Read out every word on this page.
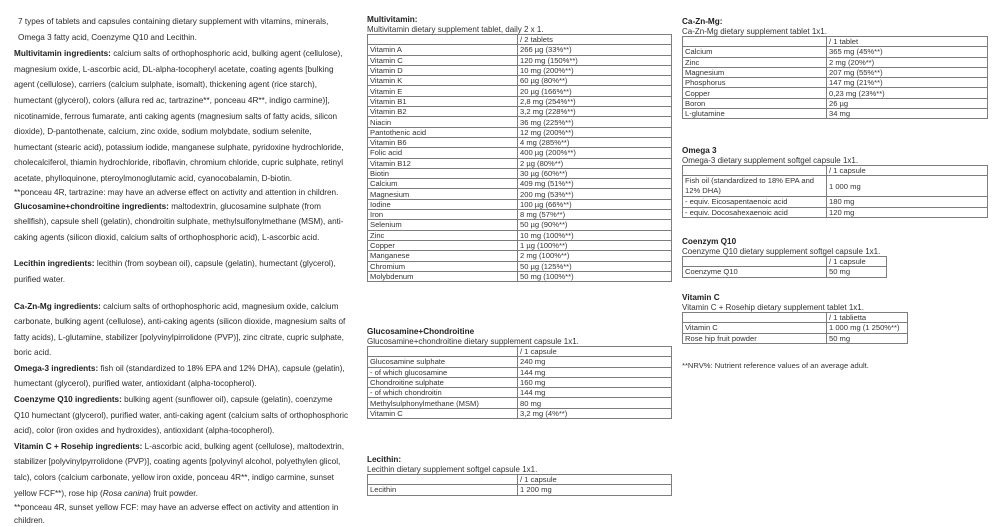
7 types of tablets and capsules containing dietary supplement with vitamins, minerals,
Omega 3 fatty acid, Coenzyme Q10 and Lecithin.

Multivitamin ingredients: calcium salts of orthophosphoric acid, bulking agent (cellulose), magnesium oxide, L-ascorbic acid, DL-alpha-tocopheryl acetate, coating agents [bulking agent (cellulose), carriers (calcium sulphate, isomalt), thickening agent (rice starch), humectant (glycerol), colors (allura red ac, tartrazine**, ponceau 4R**, indigo carmine)], nicotinamide, ferrous fumarate, anti caking agents (magnesium salts of fatty acids, silicon dioxide), D-pantothenate, calcium, zinc oxide, sodium molybdate, sodium selenite, humectant (stearic acid), potassium iodide, manganese sulphate, pyridoxine hydrochloride, cholecalciferol, thiamin hydrochloride, riboflavin, chromium chloride, cupric sulphate, retinyl acetate, phylloquinone, pteroylmonoglutamic acid, cyanocobalamin, D-biotin.

**ponceau 4R, tartrazine: may have an adverse effect on activity and attention in children.

Glucosamine+chondroitine ingredients: maltodextrin, glucosamine sulphate (from shellfish), capsule shell (gelatin), chondroitin sulphate, methylsulfonylmethane (MSM), anti-caking agents (silicon dioxid, calcium salts of orthophosphoric acid), L-ascorbic acid.

Lecithin ingredients: lecithin (from soybean oil), capsule (gelatin), humectant (glycerol), purified water.

Ca-Zn-Mg ingredients: calcium salts of orthophosphoric acid, magnesium oxide, calcium carbonate, bulking agent (cellulose), anti-caking agents (silicon dioxide, magnesium salts of fatty acids), L-glutamine, stabilizer [polyvinylpirrolidone (PVP)], zinc citrate, cupric sulphate, boric acid.

Omega-3 ingredients: fish oil (standardized to 18% EPA and 12% DHA), capsule (gelatin), humectant (glycerol), purified water, antioxidant (alpha-tocopherol).

Coenzyme Q10 ingredients: bulking agent (sunflower oil), capsule (gelatin), coenzyme Q10 humectant (glycerol), purified water, anti-caking agent (calcium salts of orthophosphoric acid), color (iron oxides and hydroxides), antioxidant (alpha-tocopherol).

Vitamin C + Rosehip ingredients: L-ascorbic acid, bulking agent (cellulose), maltodextrin, stabilizer [polyvinylpyrrolidone (PVP)], coating agents [polyvinyl alcohol, polyethylen glicol, talc), colors (calcium carbonate, yellow iron oxide, ponceau 4R**, indigo carmine, sunset yellow FCF**), rose hip (Rosa canina) fruit powder.

**ponceau 4R, sunset yellow FCF: may have an adverse effect on activity and attention in children.

Multivitamin:
Multivitamin dietary supplement tablet, daily 2 x 1.
	/ 2 tablets
Vitamin A	266 µg (33%**)
Vitamin C	120 mg (150%**)
Vitamin D	10 mg (200%**)
Vitamin K	60 µg (80%**)
Vitamin E	20 µg (166%**)
Vitamin B1	2,8 mg (254%**)
Vitamin B2	3,2 mg (228%**)
Niacin	36 mg (225%**)
Pantothenic acid	12 mg (200%**)
Vitamin B6	4 mg (285%**)
Folic acid	400 µg (200%**)
Vitamin B12	2 µg (80%**)
Biotin	30 µg (60%**)
Calcium	409 mg (51%**)
Magnesium	200 mg (53%**)
Iodine	100 µg (66%**)
Iron	8 mg (57%**)
Selenium	50 µg (90%**)
Zinc	10 mg (100%**)
Copper	1 µg (100%**)
Manganese	2 mg (100%**)
Chromium	50 µg (125%**)
Molybdenum	50 mg (100%**)
Glucosamine+Chondroitine
Glucosamine+chondroitine dietary supplement capsule 1x1.
	/ 1 capsule
Glucosamine sulphate	240 mg
- of which glucosamine	144 mg
Chondroitine sulphate	160 mg
- of which chondroitin	144 mg
Methylsulphonylmethane (MSM)	80 mg
Vitamin C	3,2 mg (4%**)
Lecithin:
Lecithin dietary supplement softgel capsule 1x1.
	/ 1 capsule
Lecithin	1 200 mg
Ca-Zn-Mg:
Ca-Zn-Mg dietary supplement tablet 1x1.
	/ 1 tablet
Calcium	365 mg (45%**)
Zinc	2 mg (20%**)
Magnesium	207 mg (55%**)
Phosphorus	147 mg (21%**)
Copper	0,23 mg (23%**)
Boron	26 µg
L-glutamine	34 mg
Omega 3
Omega-3 dietary supplement softgel capsule 1x1.
	/ 1 capsule
Fish oil (standardized to 18% EPA and 12% DHA)	1 000 mg
- equiv. Eicosapentaenoic acid	180 mg
- equiv. Docosahexaenoic acid	120 mg
Coenzym Q10
Coenzyme Q10 dietary supplement softgel capsule 1x1.
	/ 1 capsule
Coenzyme Q10	50 mg
Vitamin C
Vitamin C + Rosehip dietary supplement tablet 1x1.
	/ 1 tablietta
Vitamin C	1 000 mg (1 250%**)
Rose hip fruit powder	50 mg
**NRV%: Nutrient reference values of an average adult.
